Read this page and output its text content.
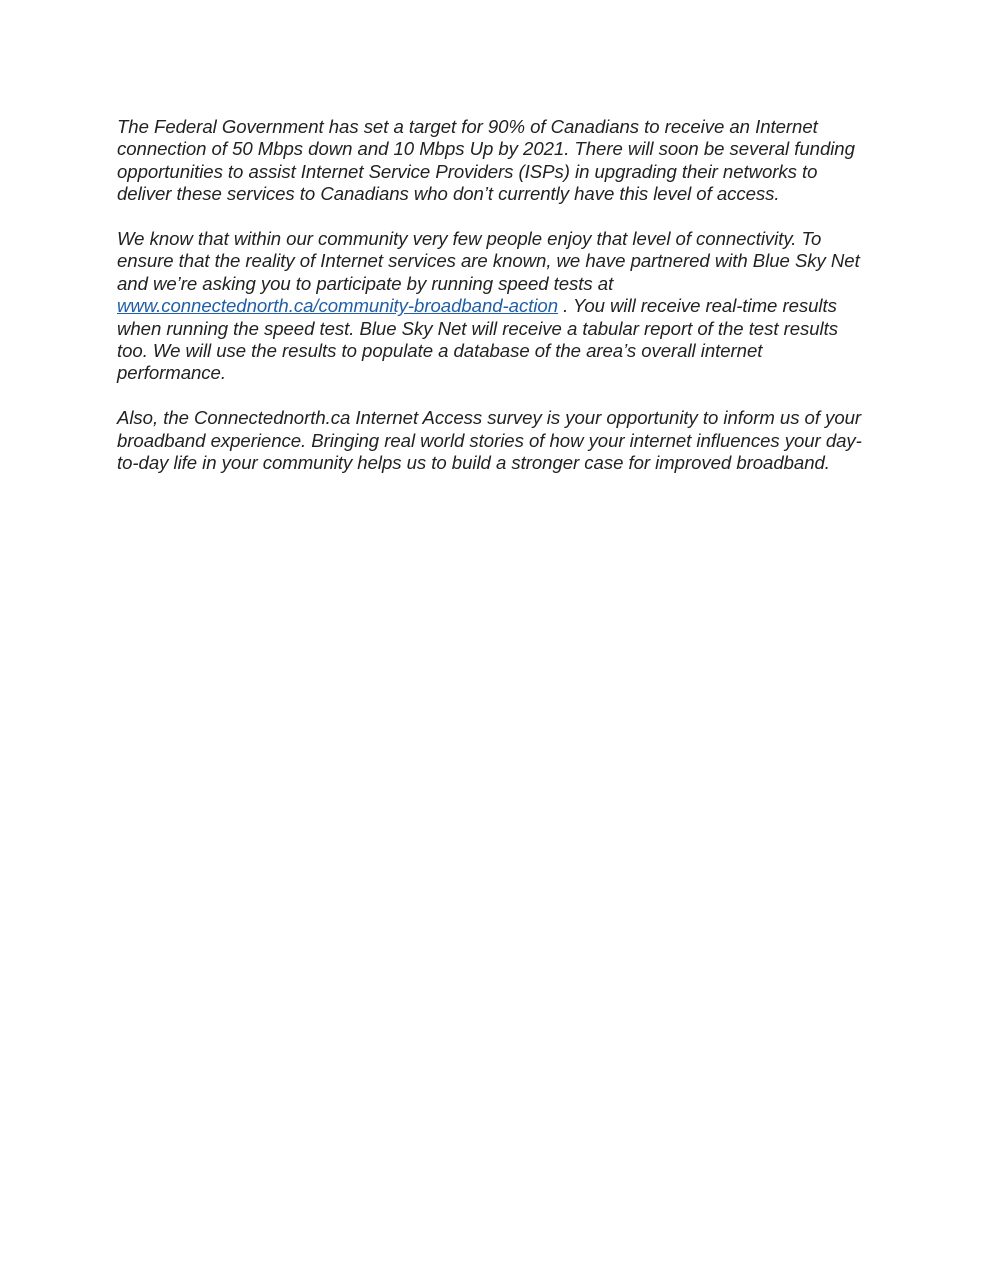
The Federal Government has set a target for 90% of Canadians to receive an Internet connection of 50 Mbps down and 10 Mbps Up by 2021. There will soon be several funding opportunities to assist Internet Service Providers (ISPs) in upgrading their networks to deliver these services to Canadians who don’t currently have this level of access.

We know that within our community very few people enjoy that level of connectivity. To ensure that the reality of Internet services are known, we have partnered with Blue Sky Net and we’re asking you to participate by running speed tests at www.connectednorth.ca/community-broadband-action . You will receive real-time results when running the speed test. Blue Sky Net will receive a tabular report of the test results too. We will use the results to populate a database of the area’s overall internet performance.

Also, the Connectednorth.ca Internet Access survey is your opportunity to inform us of your broadband experience. Bringing real world stories of how your internet influences your day-to-day life in your community helps us to build a stronger case for improved broadband.
